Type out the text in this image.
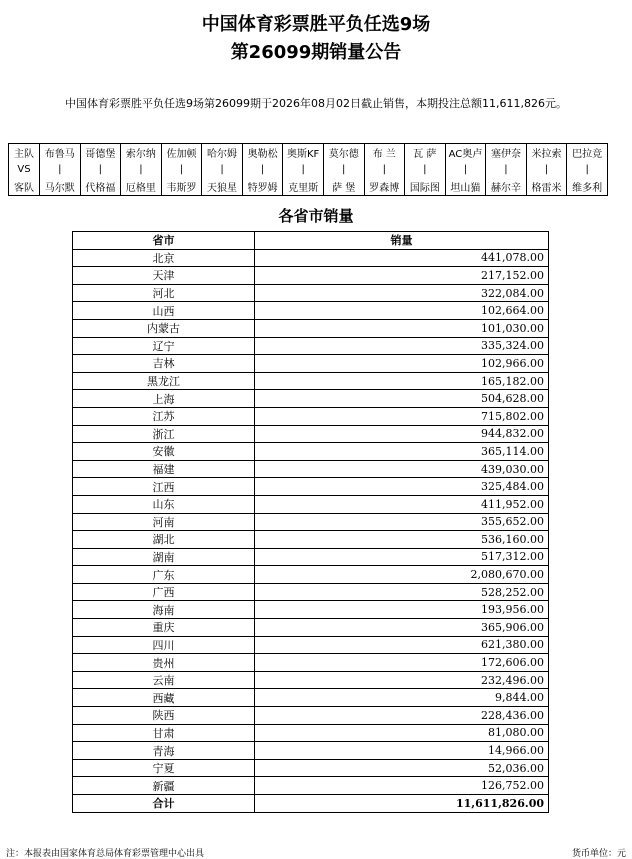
中国体育彩票胜平负任选9场
第26099期销量公告
中国体育彩票胜平负任选9场第26099期于2026年08月02日截止销售，本期投注总额11,611,826元。
主队	布鲁马	哥德堡	索尔纳	佐加顿	哈尔姆	奥勒松	奥斯KF	莫尔德	布 兰	瓦 萨	AC奥卢	塞伊奈	米拉索	巴拉竞
VS	|	|	|	|	|	|	|	|	|	|	|	|	|	|
客队	马尔默	代格福	厄格里	韦斯罗	天狼星	特罗姆	克里斯	萨 堡	罗森博	国际图	坦山猫	赫尔辛	格雷米	维多利
各省市销量
省市	销量
北京	441,078.00
天津	217,152.00
河北	322,084.00
山西	102,664.00
内蒙古	101,030.00
辽宁	335,324.00
吉林	102,966.00
黑龙江	165,182.00
上海	504,628.00
江苏	715,802.00
浙江	944,832.00
安徽	365,114.00
福建	439,030.00
江西	325,484.00
山东	411,952.00
河南	355,652.00
湖北	536,160.00
湖南	517,312.00
广东	2,080,670.00
广西	528,252.00
海南	193,956.00
重庆	365,906.00
四川	621,380.00
贵州	172,606.00
云南	232,496.00
西藏	9,844.00
陕西	228,436.00
甘肃	81,080.00
青海	14,966.00
宁夏	52,036.00
新疆	126,752.00
合计	11,611,826.00
注：本报表由国家体育总局体育彩票管理中心出具	货币单位：元
